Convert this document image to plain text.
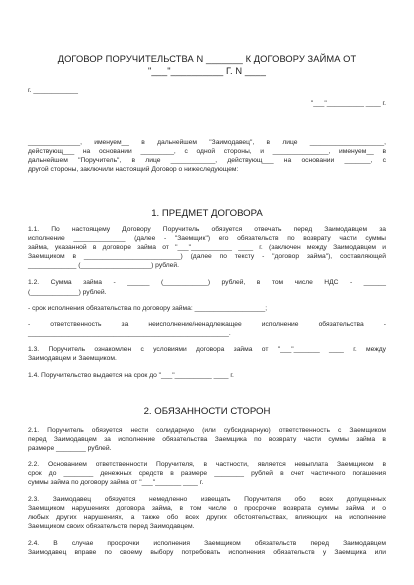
ДОГОВОР ПОРУЧИТЕЛЬСТВА N _______ К ДОГОВОРУ ЗАЙМА ОТ
"___"__________ Г. N ____
г. ____________
"___"__________ ____ г.
______________, именуем__ в дальнейшем "Заимодавец", в лице ____________________,
действующ___ на основании _________, с одной стороны, и _______________, именуем__ в
дальнейшем "Поручитель", в лице ____________, действующ___ на основании _______, с
другой стороны, заключили настоящий Договор о нижеследующем:
1. ПРЕДМЕТ ДОГОВОРА
1.1. По настоящему Договору Поручитель обязуется отвечать перед Заимодавцем за
исполнение ______________ (далее - "Заемщик") его обязательств по возврату части суммы
займа, указанной в договоре займа от "___"___________ ____ г. (заключен между Заимодавцем и
Заемщиком в __________________________) (далее по тексту - "договор займа"), составляющей
_____________ (___________________) рублей.
1.2. Сумма займа - ______ (____________) рублей, в том числе НДС - ______
(_____________) рублей.
- срок исполнения обязательства по договору займа: ___________________;
- ответственность за неисполнение/ненадлежащее исполнение обязательства -
______________________________________________________.
1.3. Поручитель ознакомлен с условиями договора займа от "___"_______ ____ г. между
Заимодавцем и Заемщиком.
1.4. Поручительство выдается на срок до "___"__________ ____ г.
2. ОБЯЗАННОСТИ СТОРОН
2.1. Поручитель обязуется нести солидарную (или субсидиарную) ответственность с Заемщиком
перед Заимодавцем за исполнение обязательства Заемщика по возврату части суммы займа в
размере ________ рублей.
2.2. Основанием ответственности Поручителя, в частности, является невыплата Заемщиком в
срок до ________ денежных средств в размере ________ рублей в счет частичного погашения
суммы займа по договору займа от "___"_______ ____ г.
2.3. Заимодавец обязуется немедленно извещать Поручителя обо всех допущенных
Заемщиком нарушениях договора займа, в том числе о просрочке возврата суммы займа и о
любых других нарушениях, а также обо всех других обстоятельствах, влияющих на исполнение
Заемщиком своих обязательств перед Заимодавцем.
2.4. В случае просрочки исполнения Заемщиком обязательств перед Заимодавцем
Заимодавец вправе по своему выбору потребовать исполнения обязательств у Заемщика или
